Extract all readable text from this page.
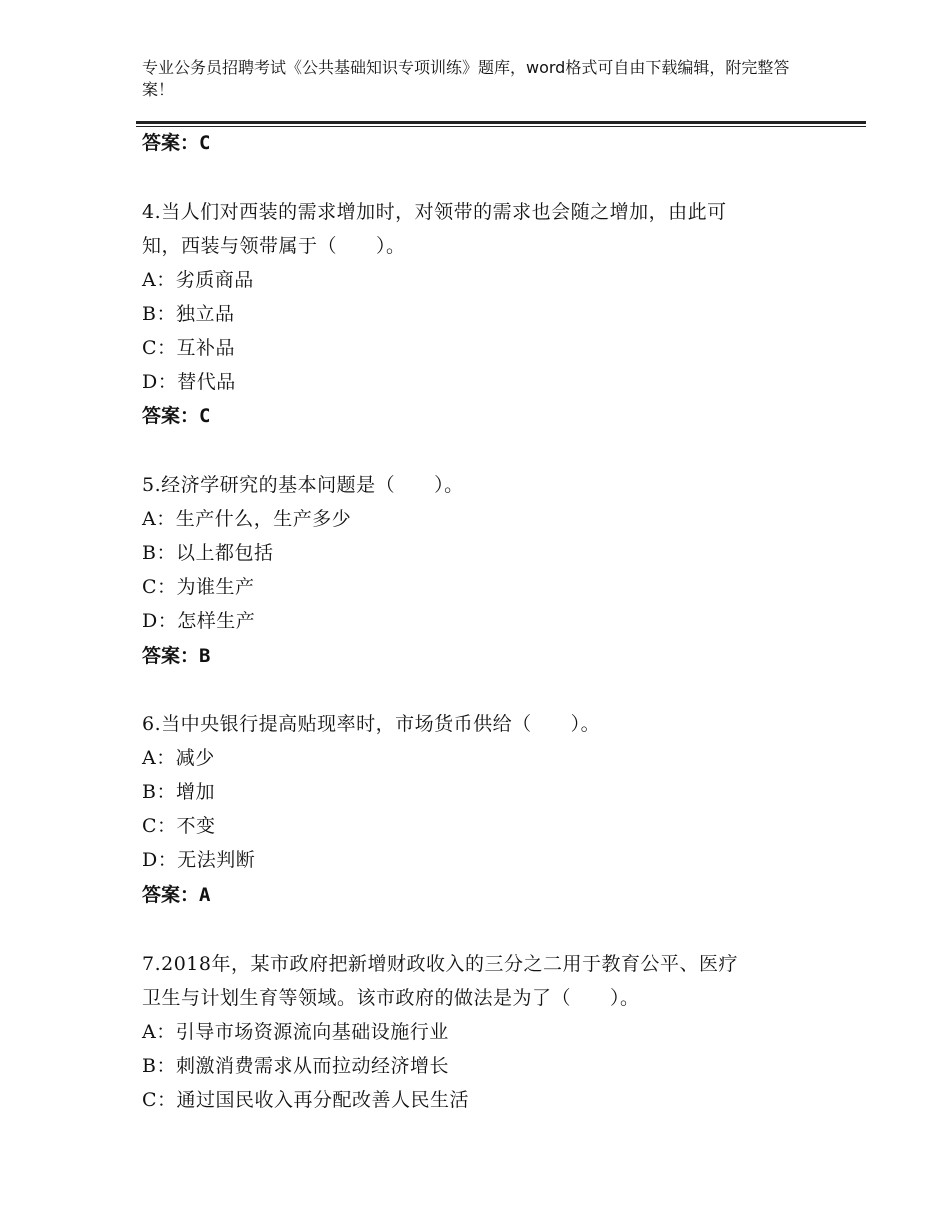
专业公务员招聘考试《公共基础知识专项训练》题库，word格式可自由下载编辑，附完整答案！
答案：C
4.当人们对西装的需求增加时，对领带的需求也会随之增加，由此可
知，西装与领带属于（　　）。
A：劣质商品
B：独立品
C：互补品
D：替代品
答案：C
5.经济学研究的基本问题是（　　）。
A：生产什么，生产多少
B：以上都包括
C：为谁生产
D：怎样生产
答案：B
6.当中央银行提高贴现率时，市场货币供给（　　）。
A：减少
B：增加
C：不变
D：无法判断
答案：A
7.2018年，某市政府把新增财政收入的三分之二用于教育公平、医疗
卫生与计划生育等领域。该市政府的做法是为了（　　）。
A：引导市场资源流向基础设施行业
B：刺激消费需求从而拉动经济增长
C：通过国民收入再分配改善人民生活
